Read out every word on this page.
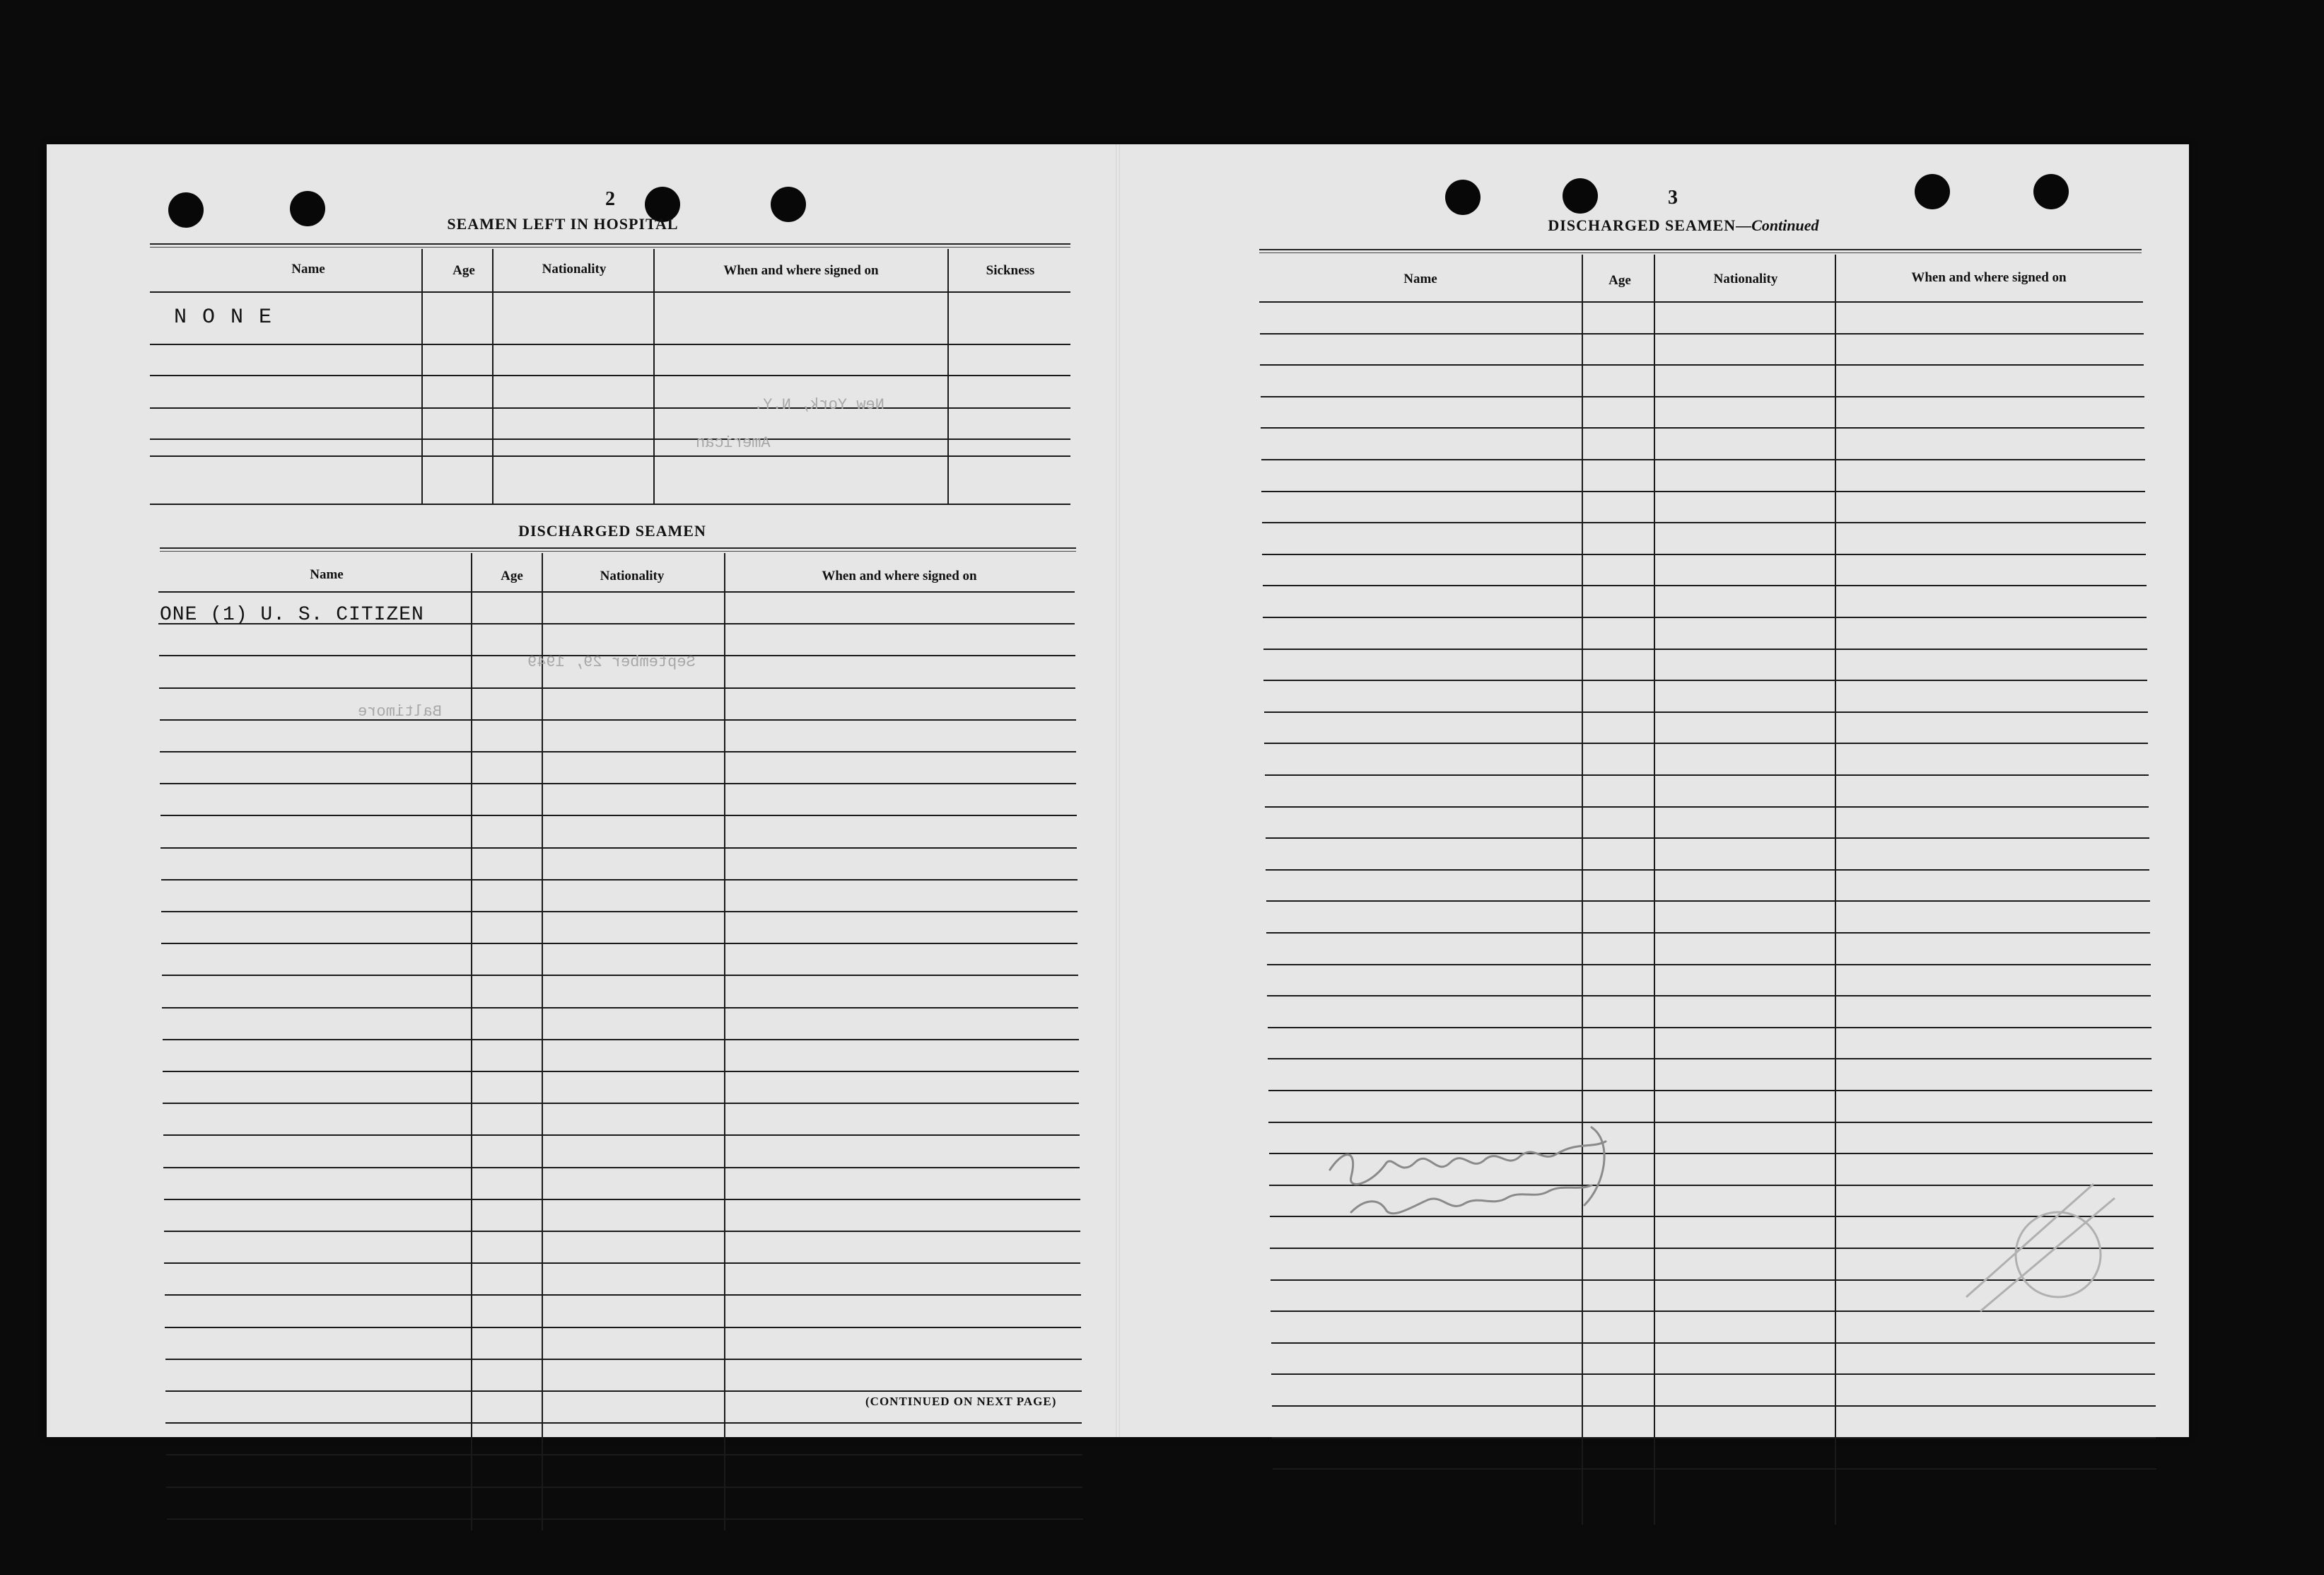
2
SEAMEN LEFT IN HOSPITAL
Name	Age	Nationality	When and where signed on	Sickness
N O N E
New York, N.Y.
American
DISCHARGED SEAMEN
Name	Age	Nationality	When and where signed on
ONE (1) U. S. CITIZEN
September 29, 1949
Baltimore
(CONTINUED ON NEXT PAGE)
3
DISCHARGED SEAMEN—Continued
Name	Age	Nationality	When and where signed on
